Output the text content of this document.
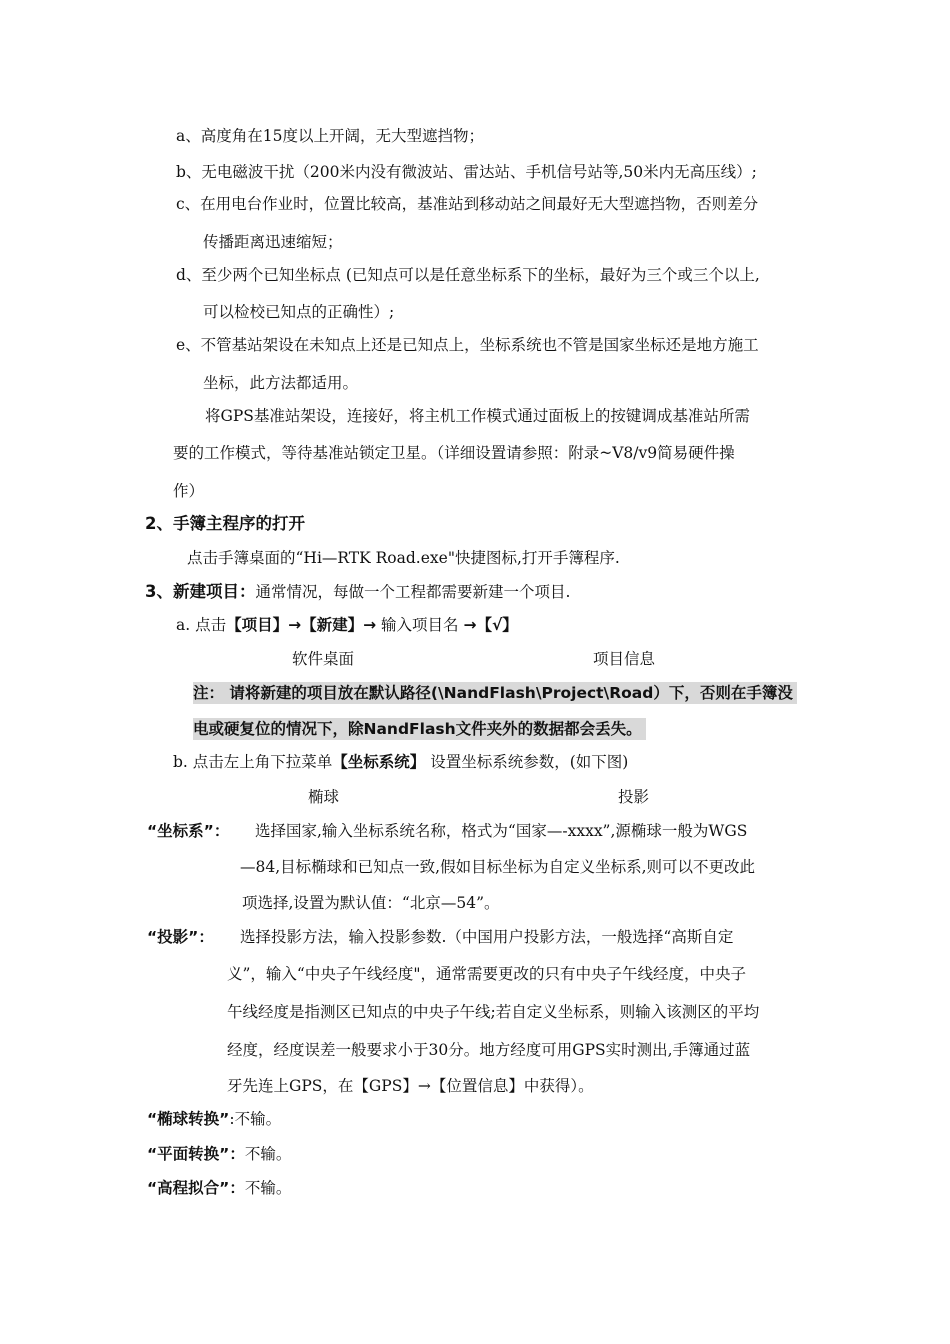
a、高度角在15度以上开阔，无大型遮挡物；
b、无电磁波干扰（200米内没有微波站、雷达站、手机信号站等,50米内无高压线）;
c、在用电台作业时，位置比较高，基准站到移动站之间最好无大型遮挡物，否则差分
传播距离迅速缩短；
d、至少两个已知坐标点 (已知点可以是任意坐标系下的坐标，最好为三个或三个以上,
可以检校已知点的正确性）;
e、不管基站架设在未知点上还是已知点上，坐标系统也不管是国家坐标还是地方施工
坐标，此方法都适用。
将GPS基准站架设，连接好，将主机工作模式通过面板上的按键调成基准站所需
要的工作模式，等待基准站锁定卫星。（详细设置请参照：附录~V8/v9简易硬件操
作）
2、手簿主程序的打开
点击手簿桌面的“Hi—RTK Road.exe"快捷图标,打开手簿程序.
3、新建项目：通常情况，每做一个工程都需要新建一个项目.
a. 点击【项目】→【新建】→ 输入项目名 →【√】
软件桌面	项目信息
注： 请将新建的项目放在默认路径(\NandFlash\Project\Road）下，否则在手簿没
电或硬复位的情况下，除NandFlash文件夹外的数据都会丢失。
b. 点击左上角下拉菜单【坐标系统】 设置坐标系统参数，(如下图)
椭球	投影
“坐标系”： 选择国家,输入坐标系统名称，格式为“国家—-xxxx”,源椭球一般为WGS
—84,目标椭球和已知点一致,假如目标坐标为自定义坐标系,则可以不更改此
项选择,设置为默认值：“北京—54”。
“投影”： 选择投影方法，输入投影参数.（中国用户投影方法，一般选择“高斯自定
义”，输入“中央子午线经度"，通常需要更改的只有中央子午线经度，中央子
午线经度是指测区已知点的中央子午线;若自定义坐标系，则输入该测区的平均
经度，经度误差一般要求小于30分。地方经度可用GPS实时测出,手簿通过蓝
牙先连上GPS，在【GPS】→【位置信息】中获得）。
“椭球转换”:不输。
“平面转换”：不输。
“高程拟合”：不输。
